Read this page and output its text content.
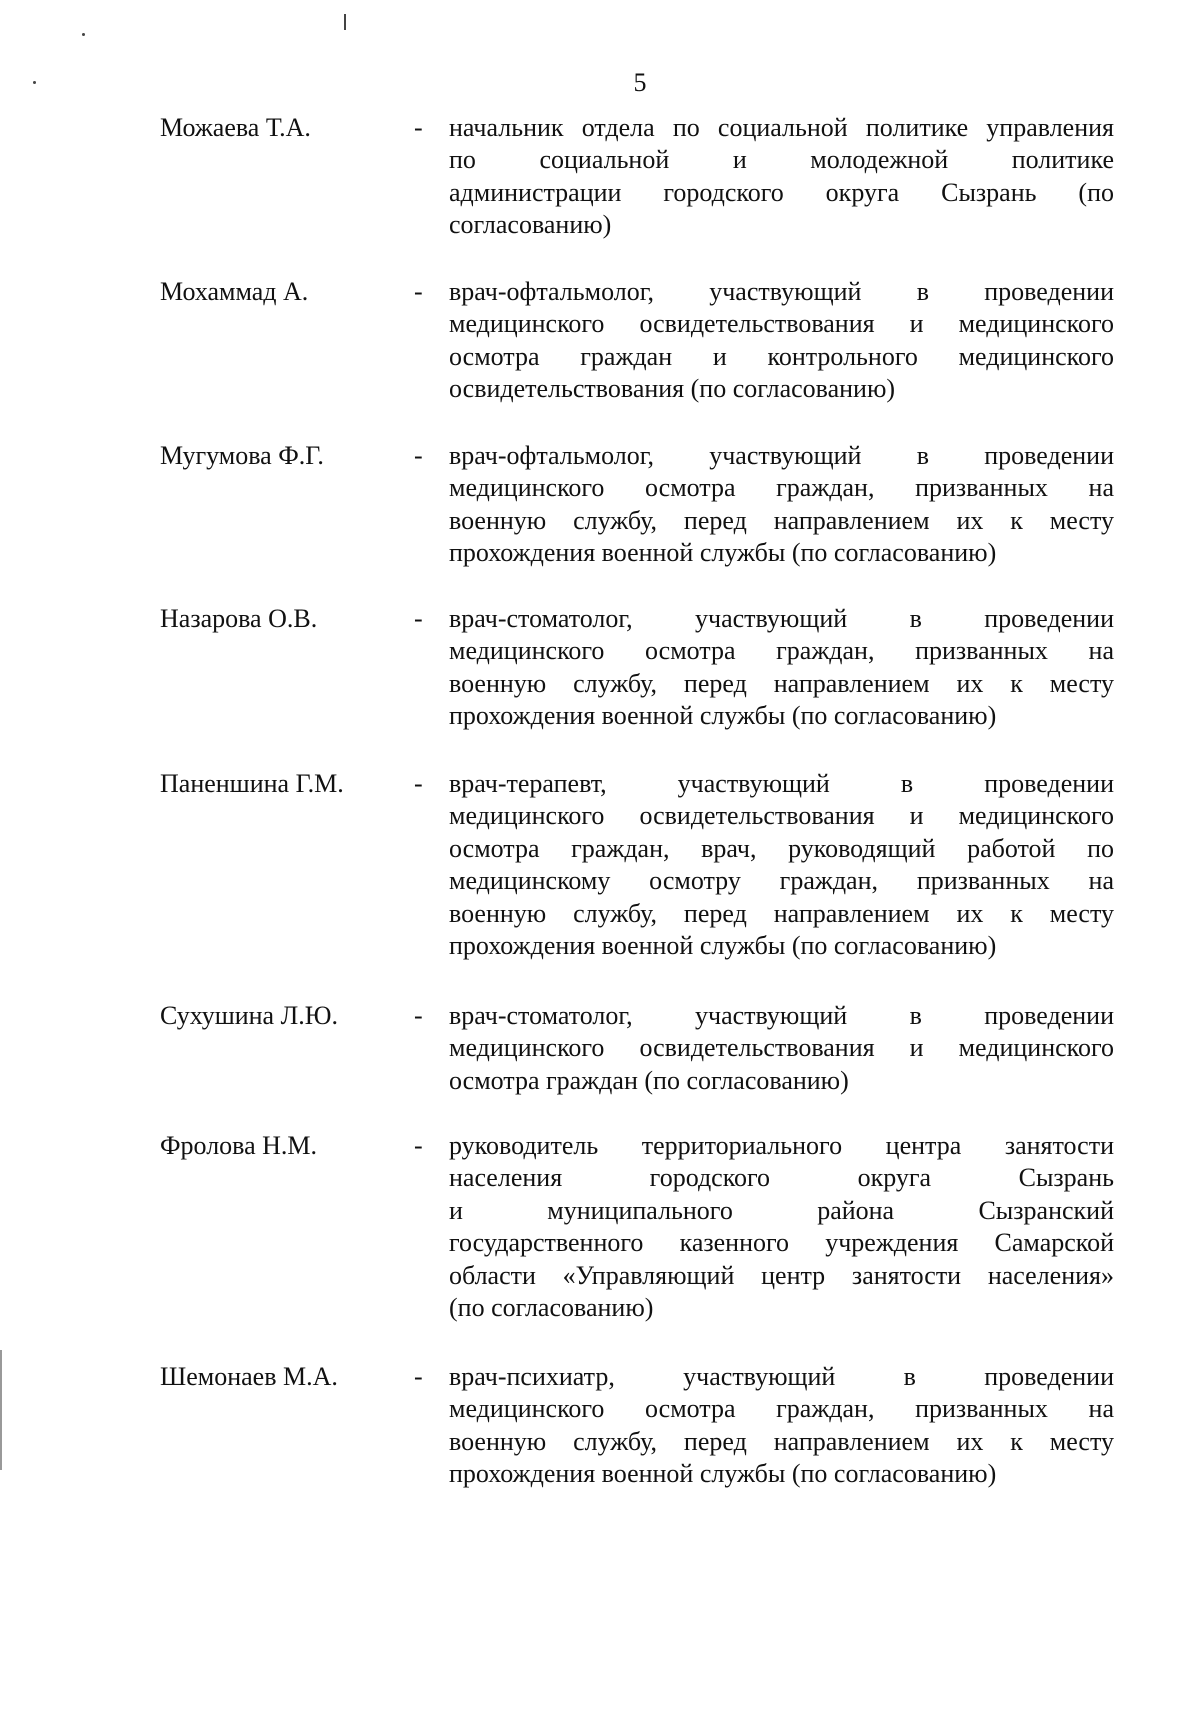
5
Можаева Т.А.	- начальник отдела по социальной политике управления
по социальной и молодежной политике
администрации городского округа Сызрань (по
согласованию)
Мохаммад А.	- врач-офтальмолог, участвующий в проведении
медицинского освидетельствования и медицинского
осмотра граждан и контрольного медицинского
освидетельствования (по согласованию)
Мугумова Ф.Г.	- врач-офтальмолог, участвующий в проведении
медицинского осмотра граждан, призванных на
военную службу, перед направлением их к месту
прохождения военной службы (по согласованию)
Назарова О.В.	- врач-стоматолог, участвующий в проведении
медицинского осмотра граждан, призванных на
военную службу, перед направлением их к месту
прохождения военной службы (по согласованию)
Паненшина Г.М.	- врач-терапевт, участвующий в проведении
медицинского освидетельствования и медицинского
осмотра граждан, врач, руководящий работой по
медицинскому осмотру граждан, призванных на
военную службу, перед направлением их к месту
прохождения военной службы (по согласованию)
Сухушина Л.Ю.	- врач-стоматолог, участвующий в проведении
медицинского освидетельствования и медицинского
осмотра граждан (по согласованию)
Фролова Н.М.	- руководитель территориального центра занятости
населения городского округа Сызрань
и муниципального района Сызранский
государственного казенного учреждения Самарской
области «Управляющий центр занятости населения»
(по согласованию)
Шемонаев М.А.	- врач-психиатр, участвующий в проведении
медицинского осмотра граждан, призванных на
военную службу, перед направлением их к месту
прохождения военной службы (по согласованию)
